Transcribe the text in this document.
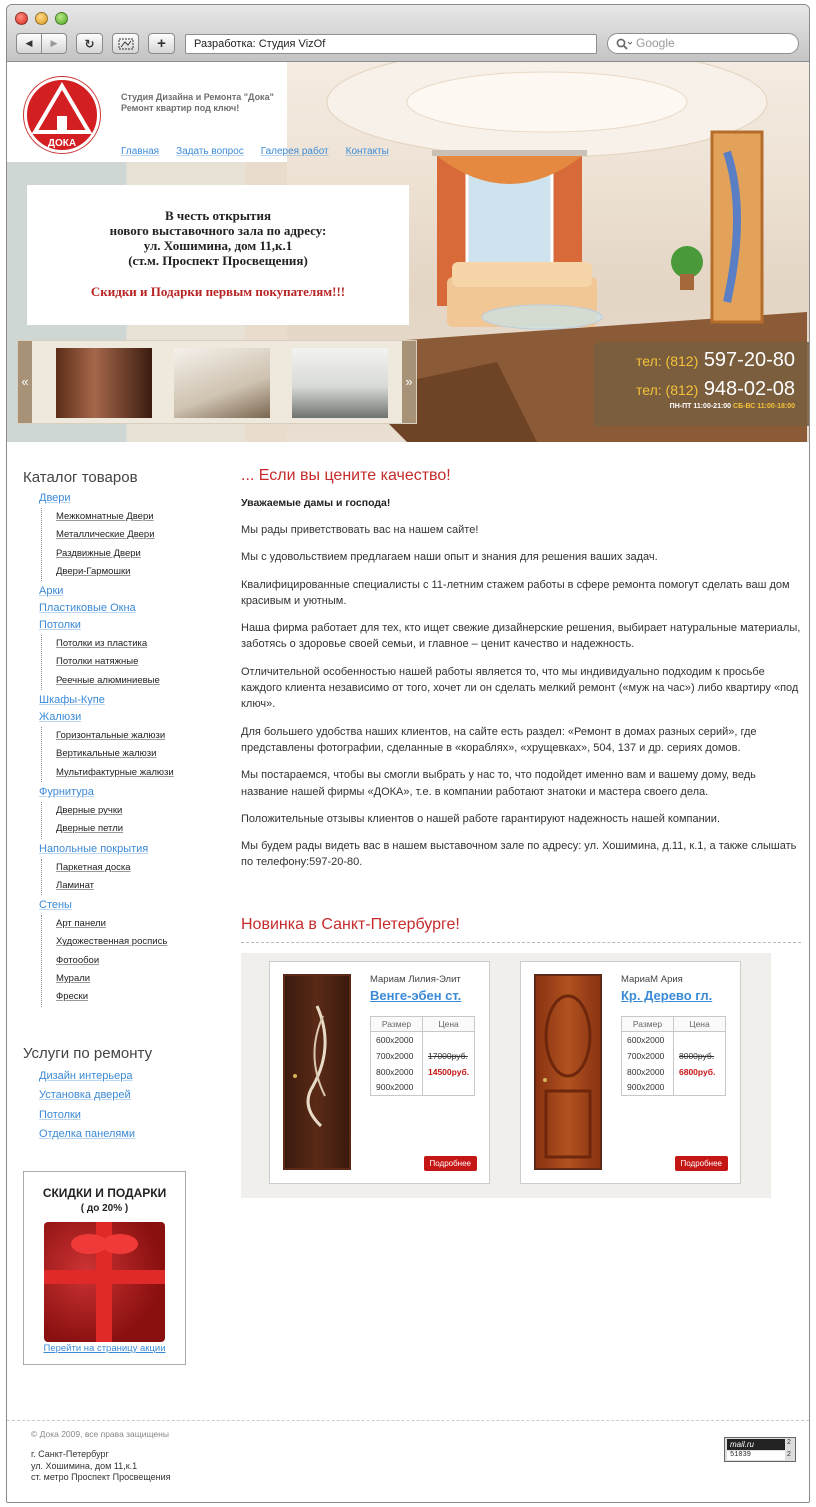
◀ ▶ ↻	+	Разработка: Студия VizOf	Google
ДОКА
Студия Дизайна и Ремонта "Дока"
Ремонт квартир под ключ!
Главная Задать вопрос Галерея работ Контакты
В честь открытия
нового выставочного зала по адресу:
ул. Хошимина, дом 11,к.1
(ст.м. Проспект Просвещения)
Скидки и Подарки первым покупателям!!!
«	»
тел: (812) 597-20-80
тел: (812) 948-02-08
ПН-ПТ 11:00-21:00 СБ-ВС 11:00-18:00
Каталог товаров
Двери
Межкомнатные Двери
Металлические Двери
Раздвижные Двери
Двери-Гармошки
Арки
Пластиковые Окна
Потолки
Потолки из пластика
Потолки натяжные
Реечные алюминиевые
Шкафы-Купе
Жалюзи
Горизонтальные жалюзи
Вертикальные жалюзи
Мультифактурные жалюзи
Фурнитура
Дверные ручки
Дверные петли
Напольные покрытия
Паркетная доска
Ламинат
Стены
Арт панели
Художественная роспись
Фотообои
Мурали
Фрески
Услуги по ремонту
Дизайн интерьера
Установка дверей
Потолки
Отделка панелями
СКИДКИ И ПОДАРКИ
( до 20% )
Перейти на страницу акции
... Если вы цените качество!
Уважаемые дамы и господа!
Мы рады приветствовать вас на нашем сайте!
Мы с удовольствием предлагаем наши опыт и знания для решения ваших задач.
Квалифицированные специалисты с 11-летним стажем работы в сфере ремонта помогут сделать ваш дом красивым и уютным.
Наша фирма работает для тех, кто ищет свежие дизайнерские решения, выбирает натуральные материалы, заботясь о здоровье своей семьи, и главное – ценит качество и надежность.
Отличительной особенностью нашей работы является то, что мы индивидуально подходим к просьбе каждого клиента независимо от того, хочет ли он сделать мелкий ремонт («муж на час») либо квартиру «под ключ».
Для большего удобства наших клиентов, на сайте есть раздел: «Ремонт в домах разных серий», где представлены фотографии, сделанные в «кораблях», «хрущевках», 504, 137 и др. сериях домов.
Мы постараемся, чтобы вы смогли выбрать у нас то, что подойдет именно вам и вашему дому, ведь название нашей фирмы «ДОКА», т.е. в компании работают знатоки и мастера своего дела.
Положительные отзывы клиентов о нашей работе гарантируют надежность нашей компании.
Мы будем рады видеть вас в нашем выставочном зале по адресу: ул. Хошимина, д.11, к.1, а также слышать по телефону:597-20-80.
Новинка в Санкт-Петербурге!
Мариам Лилия-Элит
Венге-эбен ст.
Размер	Цена
600x2000	
700x2000	17000руб.
800x2000	14500руб.
900x2000	
Подробнее
МариаМ Ария
Кр. Дерево гл.
Размер	Цена
600x2000	
700x2000	8000руб.
800x2000	6800руб.
900x2000	
Подробнее
© Дока 2009, все права защищены
г. Санкт-Петербург
ул. Хошимина, дом 11,к.1
ст. метро Проспект Просвещения
mail.ru
51039
2
2
